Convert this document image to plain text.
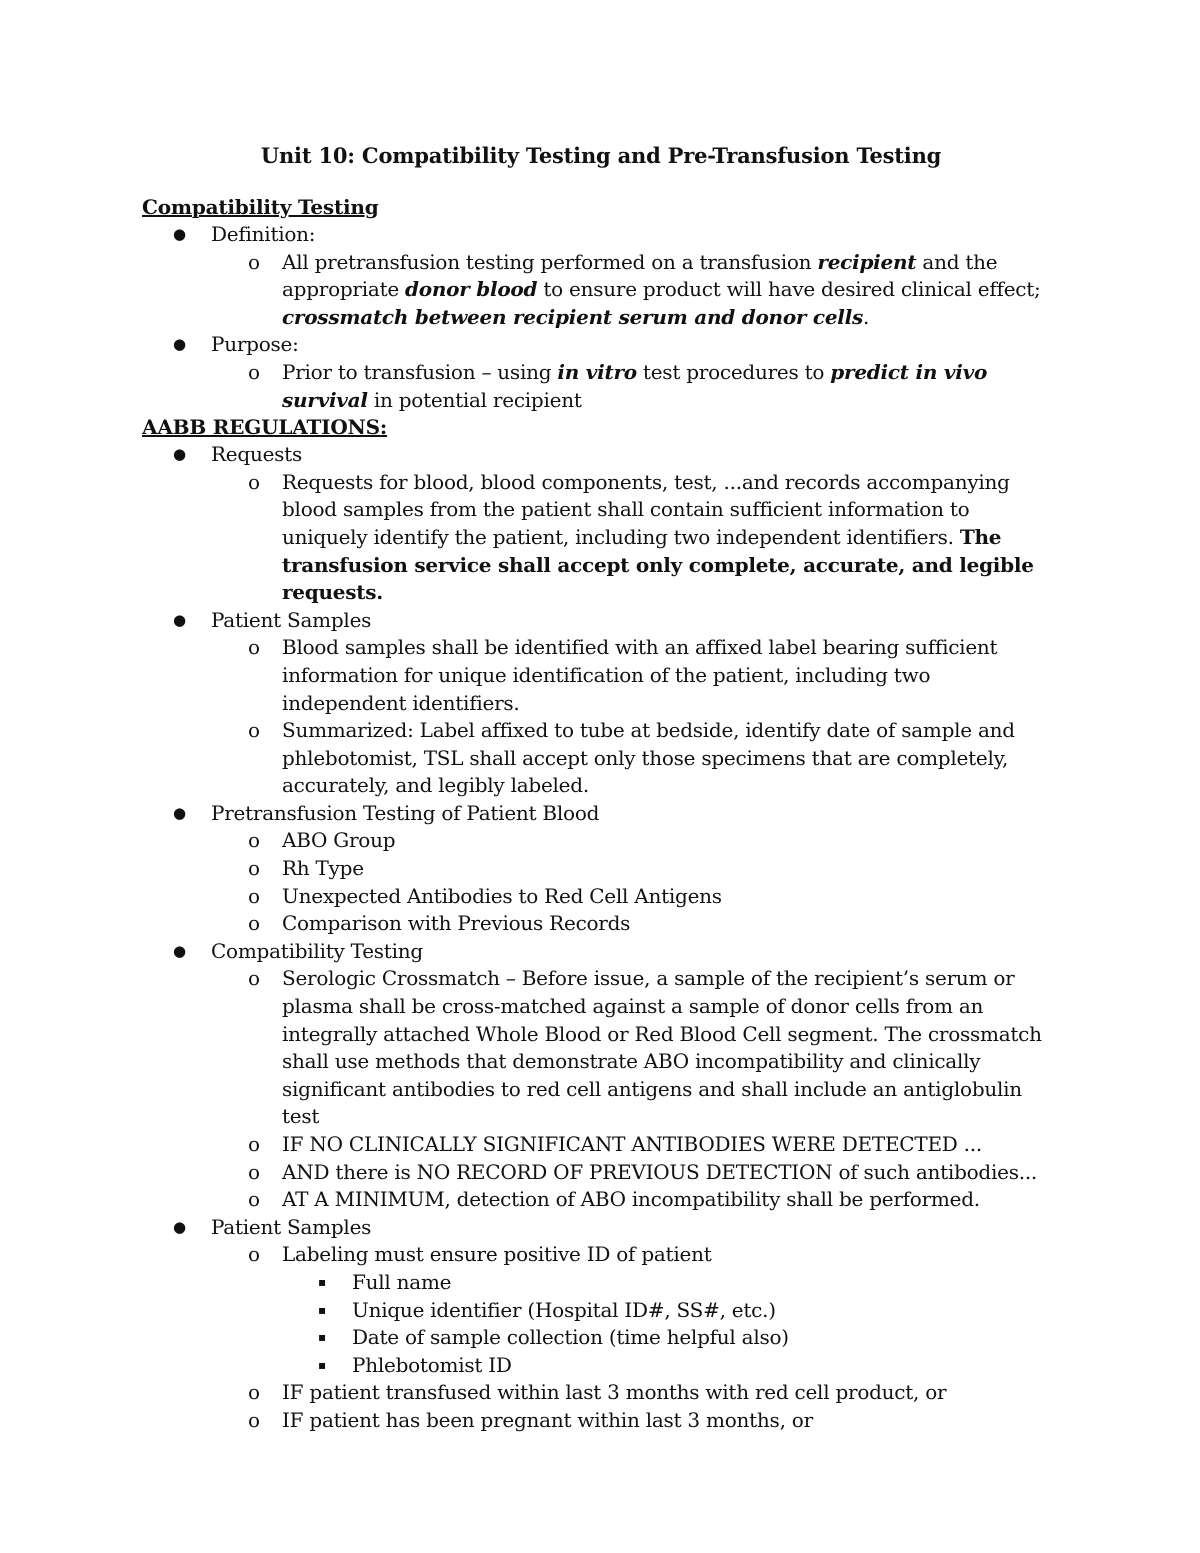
Unit 10: Compatibility Testing and Pre-Transfusion Testing
Compatibility Testing
● Definition:
o All pretransfusion testing performed on a transfusion recipient and the appropriate donor blood to ensure product will have desired clinical effect; crossmatch between recipient serum and donor cells.
● Purpose:
o Prior to transfusion – using in vitro test procedures to predict in vivo survival in potential recipient
AABB REGULATIONS:
● Requests
o Requests for blood, blood components, test, ...and records accompanying blood samples from the patient shall contain sufficient information to uniquely identify the patient, including two independent identifiers. The transfusion service shall accept only complete, accurate, and legible requests.
● Patient Samples
o Blood samples shall be identified with an affixed label bearing sufficient information for unique identification of the patient, including two independent identifiers.
o Summarized: Label affixed to tube at bedside, identify date of sample and phlebotomist, TSL shall accept only those specimens that are completely, accurately, and legibly labeled.
● Pretransfusion Testing of Patient Blood
o ABO Group
o Rh Type
o Unexpected Antibodies to Red Cell Antigens
o Comparison with Previous Records
● Compatibility Testing
o Serologic Crossmatch – Before issue, a sample of the recipient’s serum or plasma shall be cross-matched against a sample of donor cells from an integrally attached Whole Blood or Red Blood Cell segment. The crossmatch shall use methods that demonstrate ABO incompatibility and clinically significant antibodies to red cell antigens and shall include an antiglobulin test
o IF NO CLINICALLY SIGNIFICANT ANTIBODIES WERE DETECTED ...
o AND there is NO RECORD OF PREVIOUS DETECTION of such antibodies...
o AT A MINIMUM, detection of ABO incompatibility shall be performed.
● Patient Samples
o Labeling must ensure positive ID of patient
▪ Full name
▪ Unique identifier (Hospital ID#, SS#, etc.)
▪ Date of sample collection (time helpful also)
▪ Phlebotomist ID
o IF patient transfused within last 3 months with red cell product, or
o IF patient has been pregnant within last 3 months, or
